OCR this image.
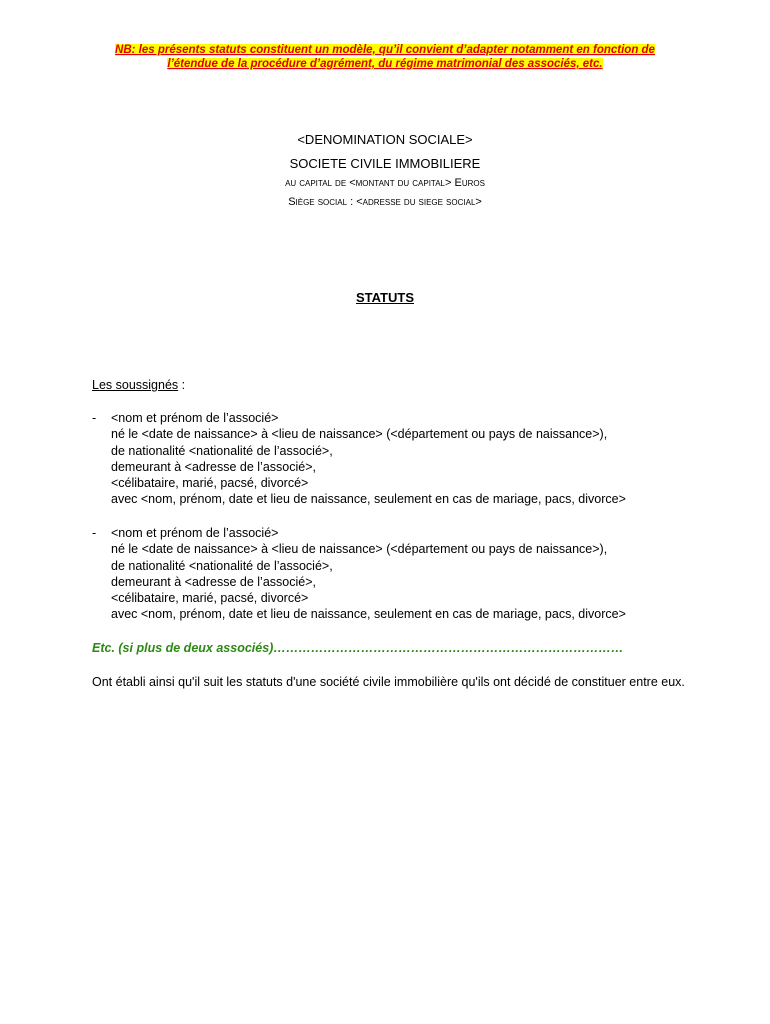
NB: les présents statuts constituent un modèle, qu’il convient d’adapter notamment en fonction de
l’étendue de la procédure d’agrément, du régime matrimonial des associés, etc.
<DENOMINATION SOCIALE>
SOCIETE CIVILE IMMOBILIERE
au capital de <montant du capital> Euros
Siège social : <adresse du siege social>
STATUTS
Les soussignés :
- <nom et prénom de l’associé>
né le <date de naissance> à <lieu de naissance> (<département ou pays de naissance>),
de nationalité <nationalité de l’associé>,
demeurant à <adresse de l’associé>,
<célibataire, marié, pacsé, divorcé>
avec <nom, prénom, date et lieu de naissance, seulement en cas de mariage, pacs, divorce>
- <nom et prénom de l’associé>
né le <date de naissance> à <lieu de naissance> (<département ou pays de naissance>),
de nationalité <nationalité de l’associé>,
demeurant à <adresse de l’associé>,
<célibataire, marié, pacsé, divorcé>
avec <nom, prénom, date et lieu de naissance, seulement en cas de mariage, pacs, divorce>
Etc. (si plus de deux associés)…………………………………………………………………………
Ont établi ainsi qu'il suit les statuts d'une société civile immobilière qu'ils ont décidé de constituer entre eux.
